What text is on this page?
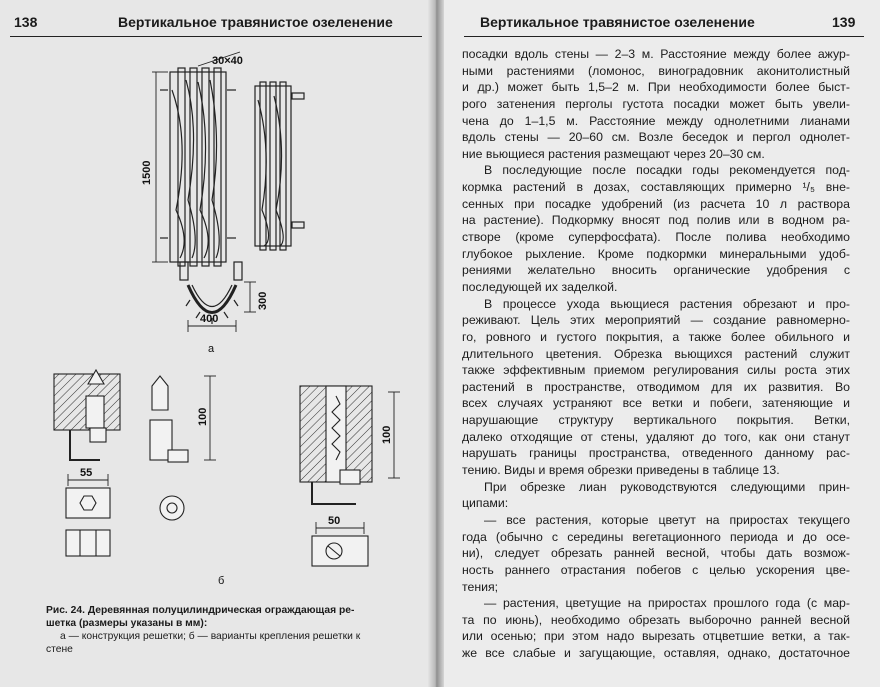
138	Вертикальное травянистое озеленение
30×40
1500
300
400
а
100
55
100
50
б
Рис. 24. Деревянная полуцилиндрическая ограждающая ре-
шетка (размеры указаны в мм):
а — конструкция решетки; б — варианты крепления решетки к
стене
Вертикальное травянистое озеленение	139
посадки вдоль стены — 2–3 м. Расстояние между более ажур-
ными растениями (ломонос, виноградовник аконитолистный
и др.) может быть 1,5–2 м. При необходимости более быст-
рого затенения перголы густота посадки может быть увели-
чена до 1–1,5 м. Расстояние между однолетними лианами
вдоль стены — 20–60 см. Возле беседок и пергол однолет-
ние вьющиеся растения размещают через 20–30 см.
В последующие после посадки годы рекомендуется под-
кормка растений в дозах, составляющих примерно ¹/₅ вне-
сенных при посадке удобрений (из расчета 10 л раствора
на растение). Подкормку вносят под полив или в водном ра-
створе (кроме суперфосфата). После полива необходимо
глубокое рыхление. Кроме подкормки минеральными удоб-
рениями желательно вносить органические удобрения с
последующей их заделкой.
В процессе ухода вьющиеся растения обрезают и про-
реживают. Цель этих мероприятий — создание равномерно-
го, ровного и густого покрытия, а также более обильного и
длительного цветения. Обрезка вьющихся растений служит
также эффективным приемом регулирования силы роста этих
растений в пространстве, отводимом для их развития. Во
всех случаях устраняют все ветки и побеги, затеняющие и
нарушающие структуру вертикального покрытия. Ветки,
далеко отходящие от стены, удаляют до того, как они станут
нарушать границы пространства, отведенного данному рас-
тению. Виды и время обрезки приведены в таблице 13.
При обрезке лиан руководствуются следующими прин-
ципами:
— все растения, которые цветут на приростах текущего
года (обычно с середины вегетационного периода и до осе-
ни), следует обрезать ранней весной, чтобы дать возмож-
ность раннего отрастания побегов с целью ускорения цве-
тения;
— растения, цветущие на приростах прошлого года (с мар-
та по июнь), необходимо обрезать выборочно ранней весной
или осенью; при этом надо вырезать отцветшие ветки, а так-
же все слабые и загущающие, оставляя, однако, достаточное
